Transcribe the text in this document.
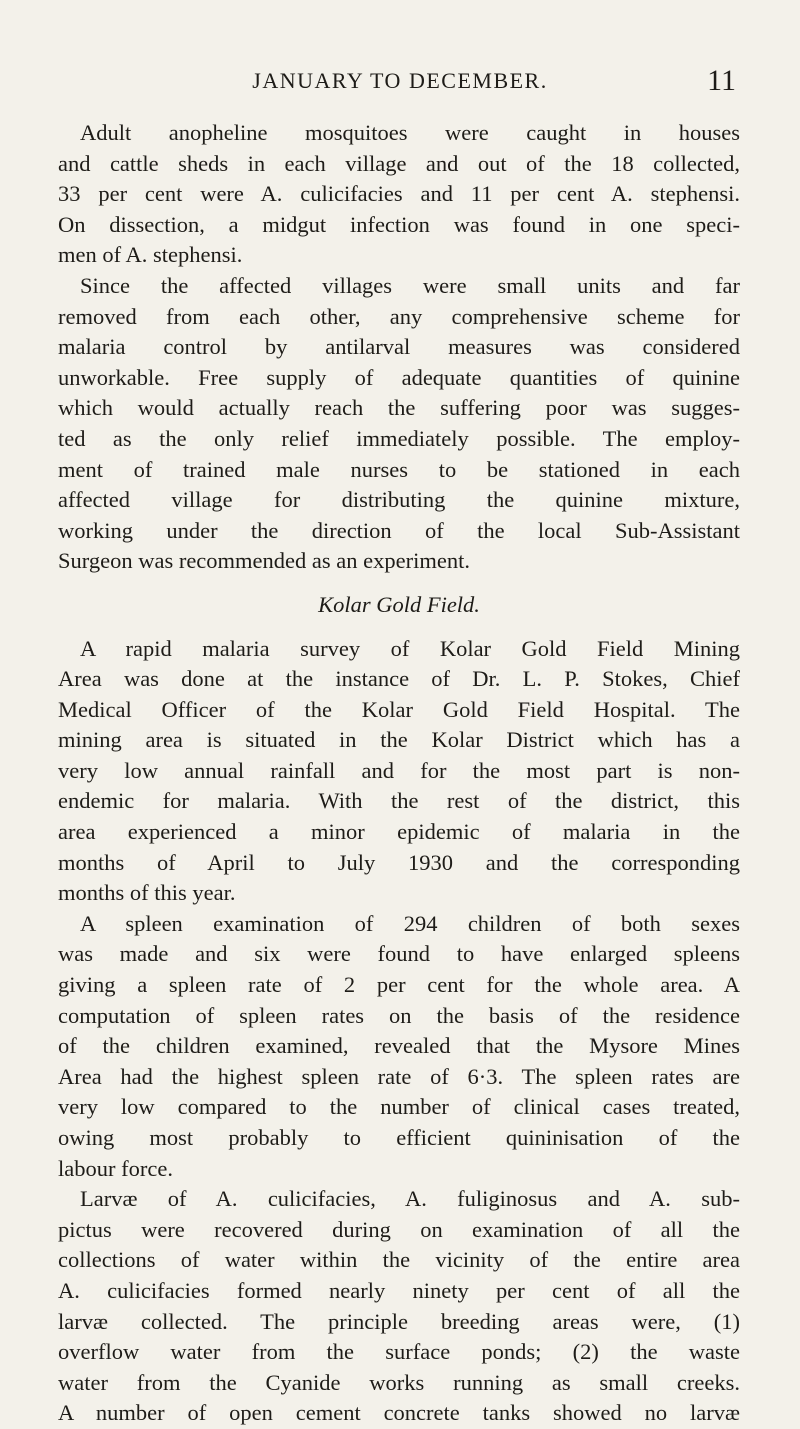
JANUARY TO DECEMBER.	11
Adult anopheline mosquitoes were caught in houses
and cattle sheds in each village and out of the 18 collected,
33 per cent were A. culicifacies and 11 per cent A. stephensi.
On dissection, a midgut infection was found in one speci-
men of A. stephensi.
Since the affected villages were small units and far
removed from each other, any comprehensive scheme for
malaria control by antilarval measures was considered
unworkable. Free supply of adequate quantities of quinine
which would actually reach the suffering poor was sugges-
ted as the only relief immediately possible. The employ-
ment of trained male nurses to be stationed in each
affected village for distributing the quinine mixture,
working under the direction of the local Sub-Assistant
Surgeon was recommended as an experiment.
Kolar Gold Field.
A rapid malaria survey of Kolar Gold Field Mining
Area was done at the instance of Dr. L. P. Stokes, Chief
Medical Officer of the Kolar Gold Field Hospital. The
mining area is situated in the Kolar District which has a
very low annual rainfall and for the most part is non-
endemic for malaria. With the rest of the district, this
area experienced a minor epidemic of malaria in the
months of April to July 1930 and the corresponding
months of this year.
A spleen examination of 294 children of both sexes
was made and six were found to have enlarged spleens
giving a spleen rate of 2 per cent for the whole area. A
computation of spleen rates on the basis of the residence
of the children examined, revealed that the Mysore Mines
Area had the highest spleen rate of 6·3. The spleen rates are
very low compared to the number of clinical cases treated,
owing most probably to efficient quininisation of the
labour force.
Larvæ of A. culicifacies, A. fuliginosus and A. sub-
pictus were recovered during on examination of all the
collections of water within the vicinity of the entire area
A. culicifacies formed nearly ninety per cent of all the
larvæ collected. The principle breeding areas were, (1)
overflow water from the surface ponds; (2) the waste
water from the Cyanide works running as small creeks.
A number of open cement concrete tanks showed no larvæ
